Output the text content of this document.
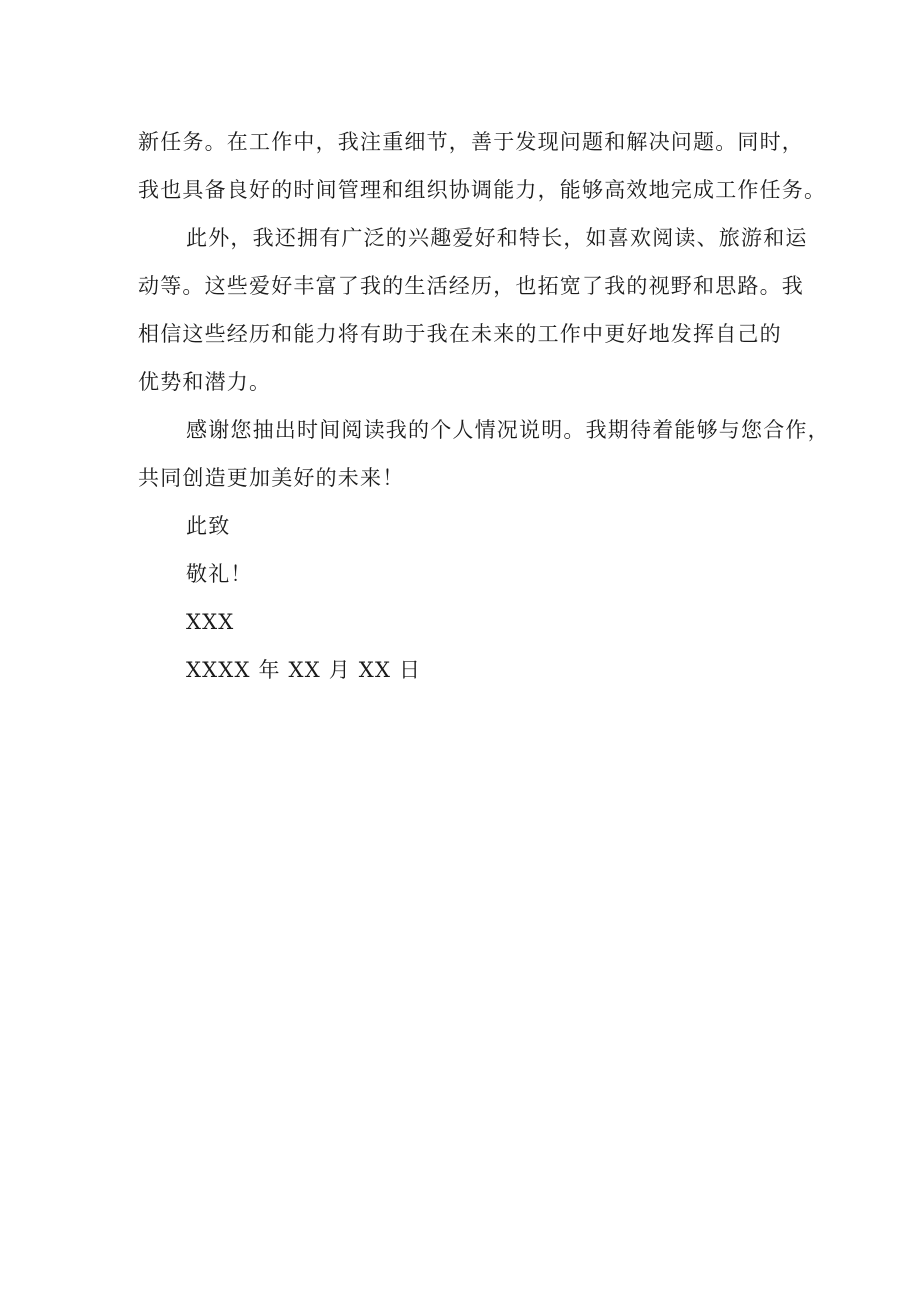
新任务。在工作中，我注重细节，善于发现问题和解决问题。同时，
我也具备良好的时间管理和组织协调能力，能够高效地完成工作任务。
此外，我还拥有广泛的兴趣爱好和特长，如喜欢阅读、旅游和运
动等。这些爱好丰富了我的生活经历，也拓宽了我的视野和思路。我
相信这些经历和能力将有助于我在未来的工作中更好地发挥自己的
优势和潜力。
感谢您抽出时间阅读我的个人情况说明。我期待着能够与您合作，
共同创造更加美好的未来！
此致
敬礼！
XXX
XXXX 年 XX 月 XX 日
